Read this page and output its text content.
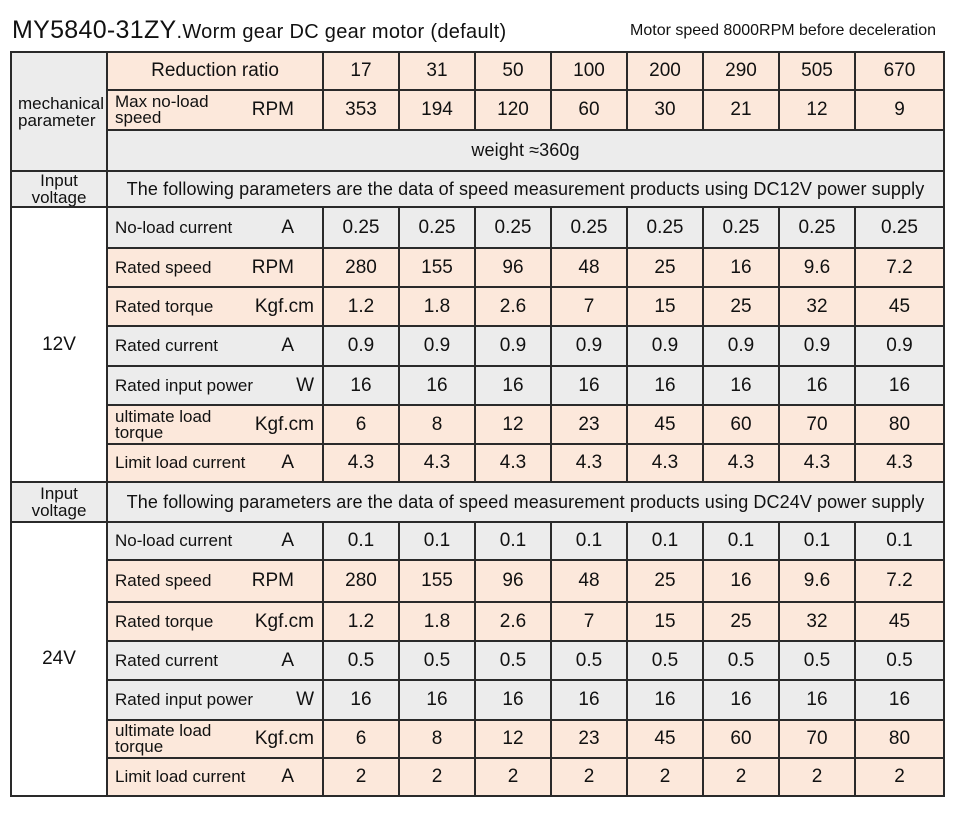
MY5840-31ZY.Worm gear DC gear motor (default)	Motor speed 8000RPM before deceleration
mechanical parameter	Reduction ratio	17	31	50	100	200	290	505	670

	Max no-load speed RPM	353	194	120	60	30	21	12	9
	weight ≈360g								
Input voltage	The following parameters are the data of speed measurement products using DC12V power supply								
12V	No-load current A	0.25	0.25	0.25	0.25	0.25	0.25	0.25	0.25

	Rated speed RPM	280	155	96	48	25	16	9.6	7.2

	Rated torque Kgf.cm	1.2	1.8	2.6	7	15	25	32	45

	Rated current A	0.9	0.9	0.9	0.9	0.9	0.9	0.9	0.9

	Rated input power W	16	16	16	16	16	16	16	16

	ultimate load torque Kgf.cm	6	8	12	23	45	60	70	80

	Limit load current A	4.3	4.3	4.3	4.3	4.3	4.3	4.3	4.3
Input voltage	The following parameters are the data of speed measurement products using DC24V power supply								
24V	No-load current A	0.1	0.1	0.1	0.1	0.1	0.1	0.1	0.1

	Rated speed RPM	280	155	96	48	25	16	9.6	7.2

	Rated torque Kgf.cm	1.2	1.8	2.6	7	15	25	32	45

	Rated current A	0.5	0.5	0.5	0.5	0.5	0.5	0.5	0.5

	Rated input power W	16	16	16	16	16	16	16	16

	ultimate load torque Kgf.cm	6	8	12	23	45	60	70	80

	Limit load current A	2	2	2	2	2	2	2	2
